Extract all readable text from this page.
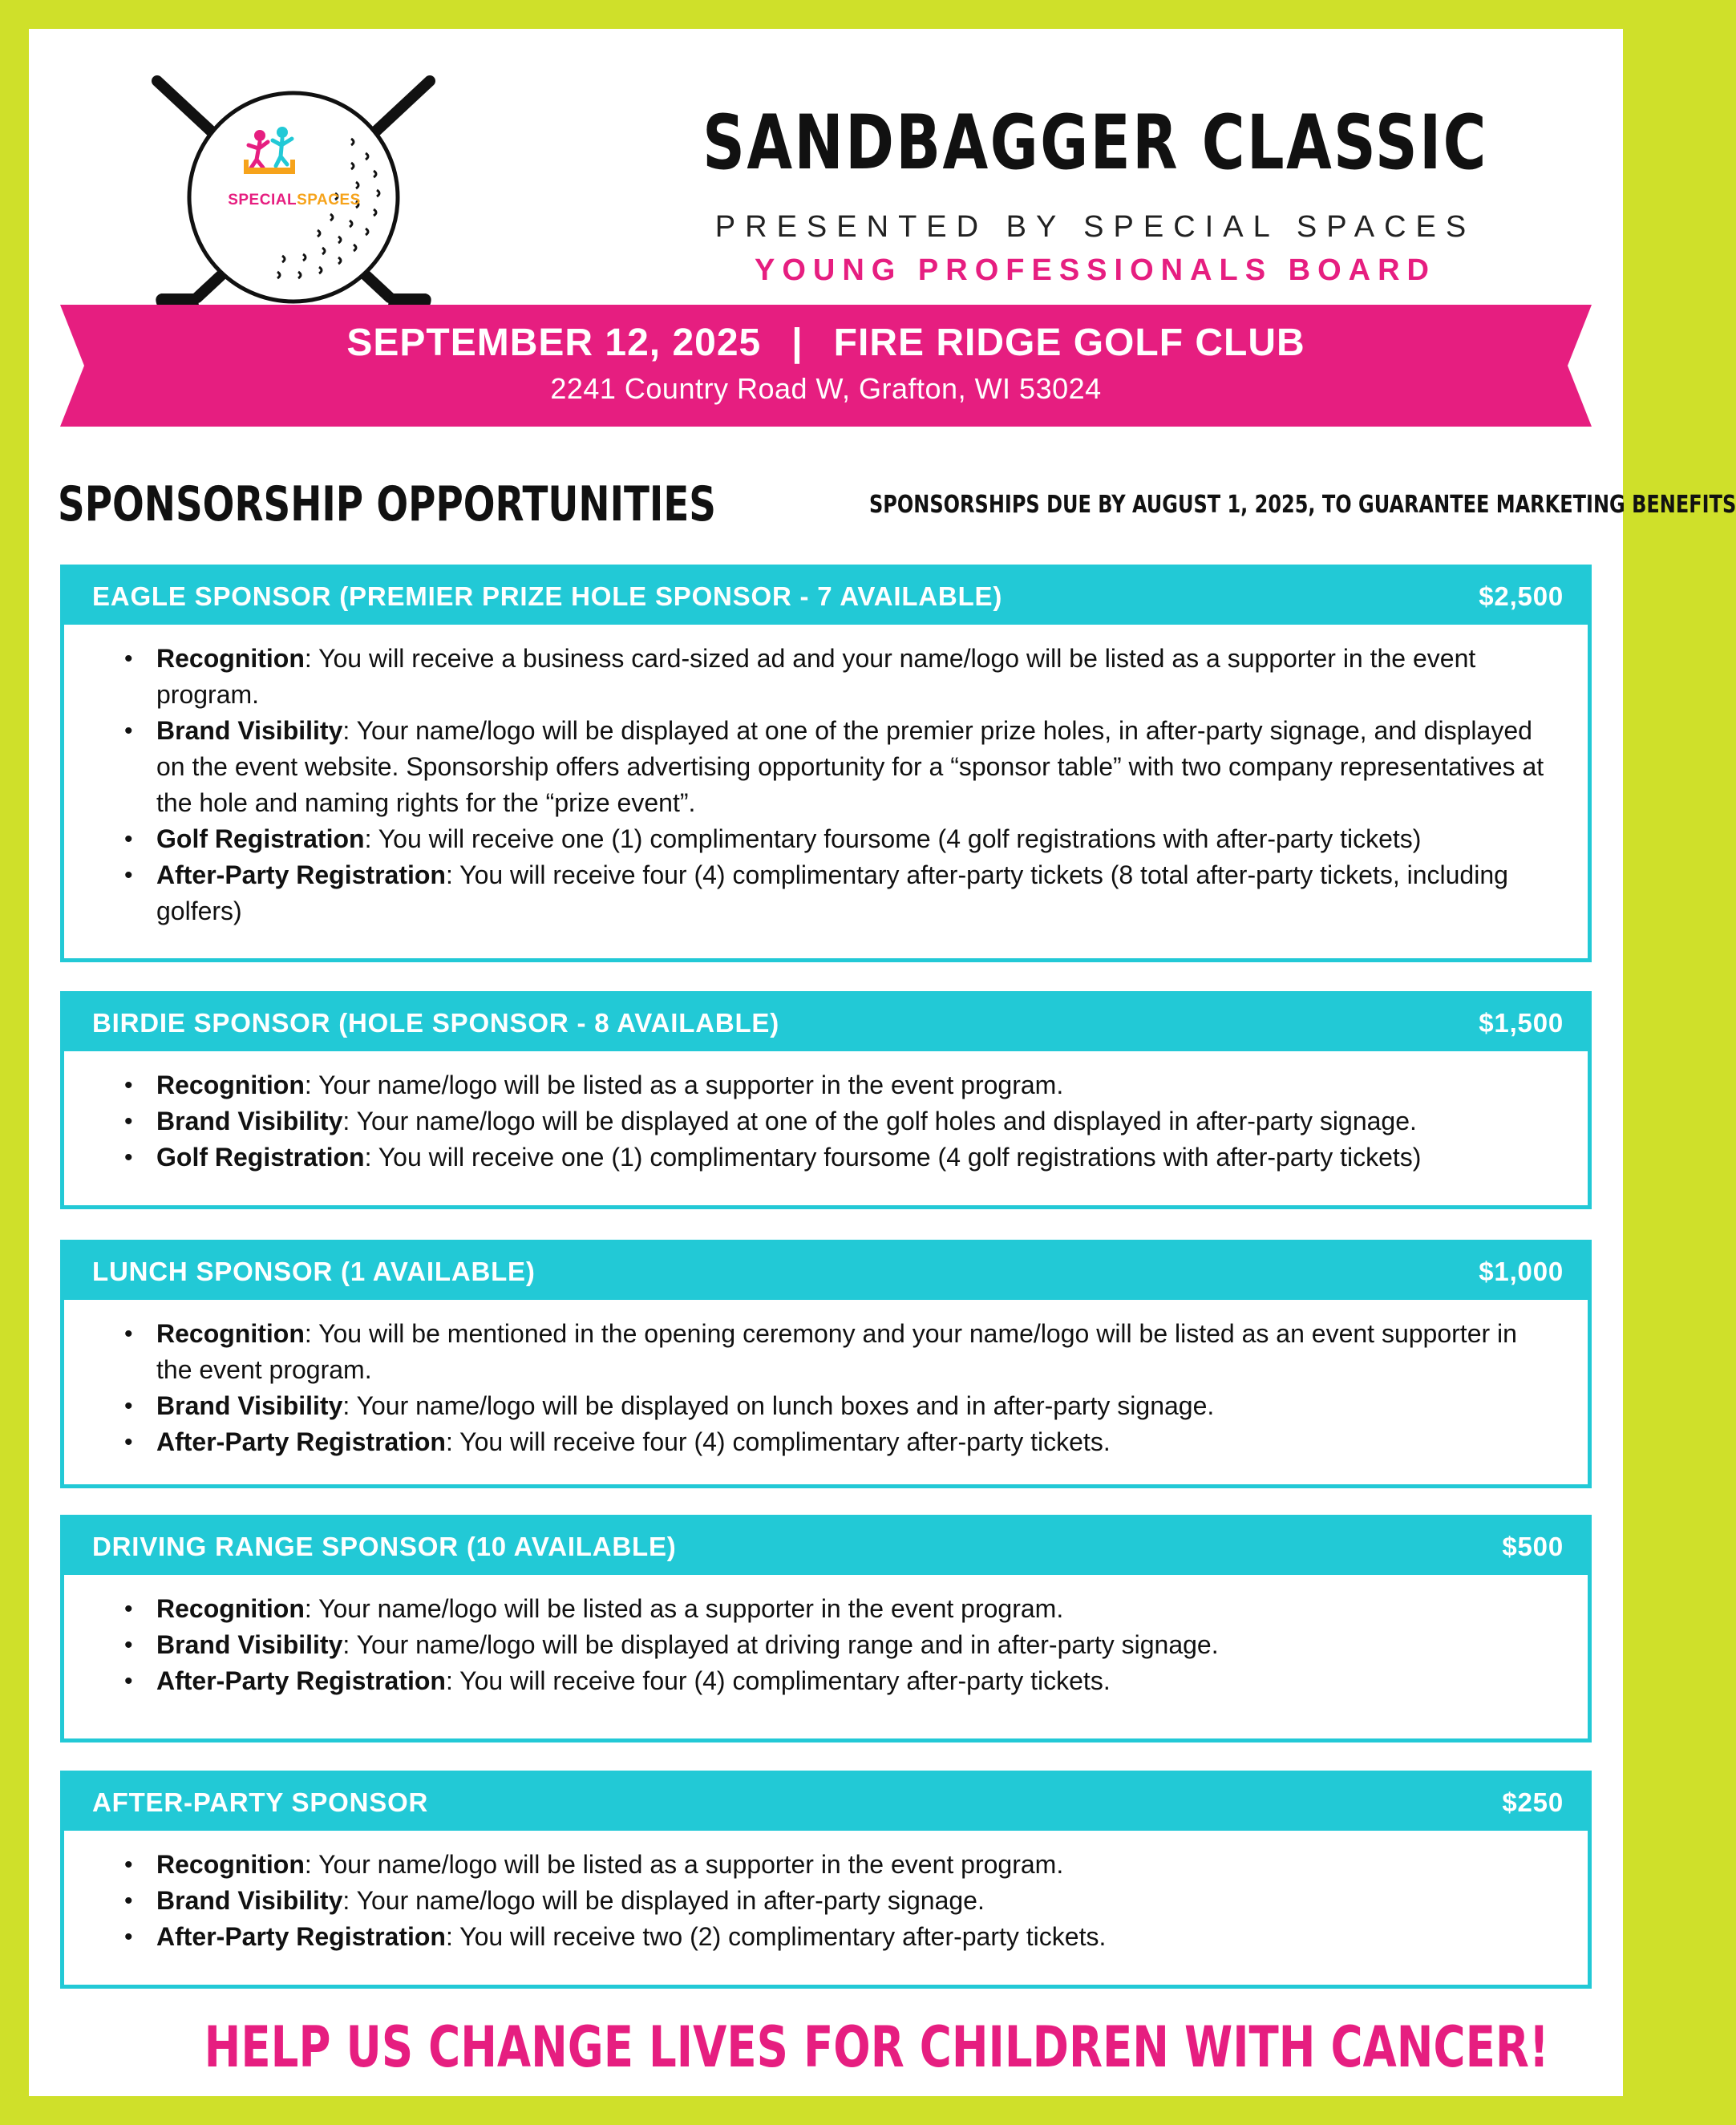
SPECIALSPACES
SANDBAGGER CLASSIC
PRESENTED BY SPECIAL SPACES
YOUNG PROFESSIONALS BOARD
SEPTEMBER 12, 2025 | FIRE RIDGE GOLF CLUB
2241 Country Road W, Grafton, WI 53024
SPONSORSHIP OPPORTUNITIES	SPONSORSHIPS DUE BY AUGUST 1, 2025, TO GUARANTEE MARKETING BENEFITS
EAGLE SPONSOR (PREMIER PRIZE HOLE SPONSOR - 7 AVAILABLE)	$2,500
• Recognition: You will receive a business card-sized ad and your name/logo will be listed as a supporter in the event program.
• Brand Visibility: Your name/logo will be displayed at one of the premier prize holes, in after-party signage, and displayed on the event website. Sponsorship offers advertising opportunity for a “sponsor table” with two company representatives at the hole and naming rights for the “prize event”.
• Golf Registration: You will receive one (1) complimentary foursome (4 golf registrations with after-party tickets)
• After-Party Registration: You will receive four (4) complimentary after-party tickets (8 total after-party tickets, including golfers)
BIRDIE SPONSOR (HOLE SPONSOR - 8 AVAILABLE)	$1,500
• Recognition: Your name/logo will be listed as a supporter in the event program.
• Brand Visibility: Your name/logo will be displayed at one of the golf holes and displayed in after-party signage.
• Golf Registration: You will receive one (1) complimentary foursome (4 golf registrations with after-party tickets)
LUNCH SPONSOR (1 AVAILABLE)	$1,000
• Recognition: You will be mentioned in the opening ceremony and your name/logo will be listed as an event supporter in the event program.
• Brand Visibility: Your name/logo will be displayed on lunch boxes and in after-party signage.
• After-Party Registration: You will receive four (4) complimentary after-party tickets.
DRIVING RANGE SPONSOR (10 AVAILABLE)	$500
• Recognition: Your name/logo will be listed as a supporter in the event program.
• Brand Visibility: Your name/logo will be displayed at driving range and in after-party signage.
• After-Party Registration: You will receive four (4) complimentary after-party tickets.
AFTER-PARTY SPONSOR	$250
• Recognition: Your name/logo will be listed as a supporter in the event program.
• Brand Visibility: Your name/logo will be displayed in after-party signage.
• After-Party Registration: You will receive two (2) complimentary after-party tickets.
HELP US CHANGE LIVES FOR CHILDREN WITH CANCER!
